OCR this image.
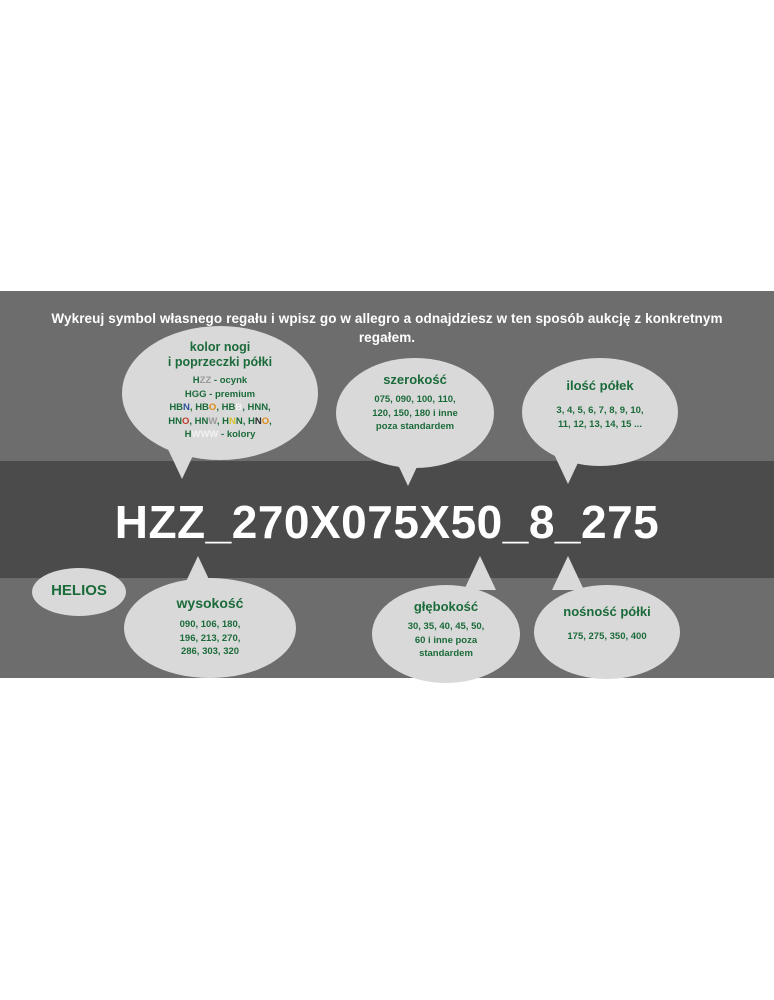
Wykreuj symbol własnego regału i wpisz go w allegro a odnajdziesz w ten sposób aukcję z konkretnym regałem.
HZZ_270X075X50_8_275
kolor nogi
i poprzeczki półki
HZZ - ocynk
HGG - premium
HBN, HBO, HBB, HNN,
HNO, HNW, HNN, HNO,
HWWW - kolory
szerokość
075, 090, 100, 110,
120, 150, 180 i inne
poza standardem
ilość półek
3, 4, 5, 6, 7, 8, 9, 10,
11, 12, 13, 14, 15 ...
HELIOS
wysokość
090, 106, 180,
196, 213, 270,
286, 303, 320
głębokość
30, 35, 40, 45, 50,
60 i inne poza
standardem
nośność półki
175, 275, 350, 400
